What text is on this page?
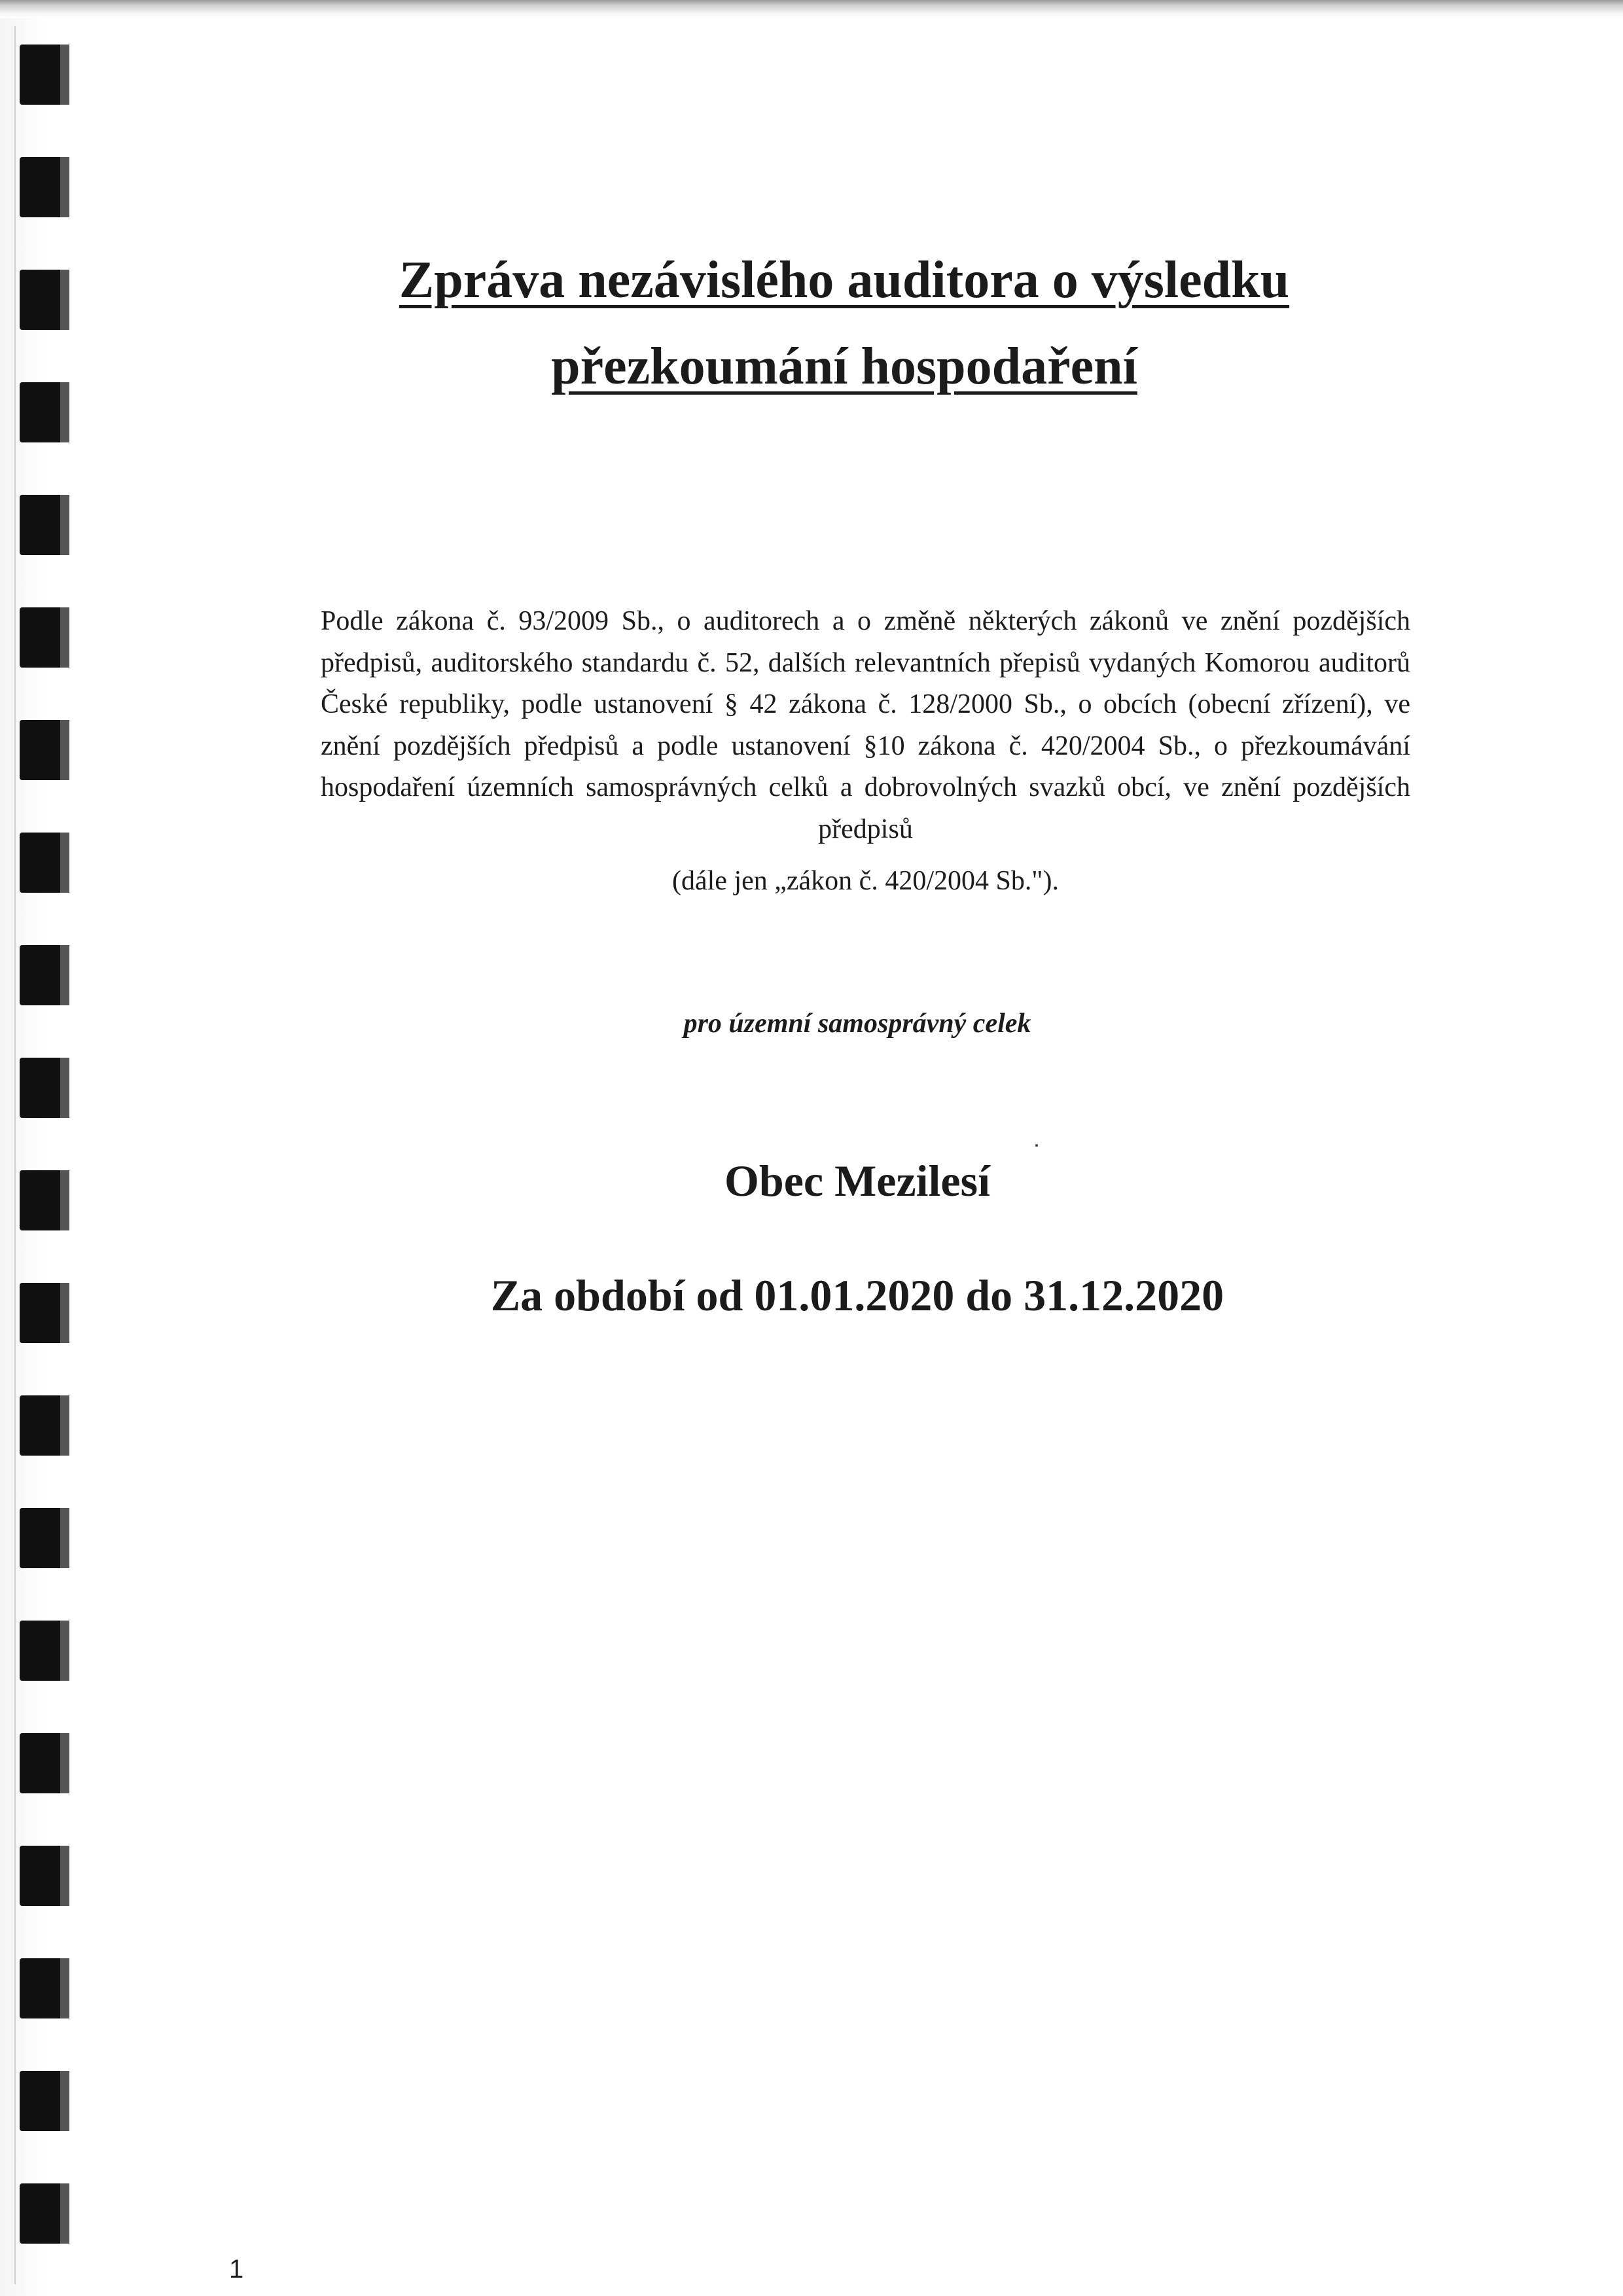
Zpráva nezávislého auditora o výsledku
přezkoumání hospodaření
Podle zákona č. 93/2009 Sb., o auditorech a o změně některých zákonů ve znění pozdějších předpisů, auditorského standardu č. 52, dalších relevantních přepisů vydaných Komorou auditorů České republiky, podle ustanovení § 42 zákona č. 128/2000 Sb., o obcích (obecní zřízení), ve znění pozdějších předpisů a podle ustanovení §10 zákona č. 420/2004 Sb., o přezkoumávání hospodaření územních samosprávných celků a dobrovolných svazků obcí, ve znění pozdějších předpisů
(dále jen „zákon č. 420/2004 Sb.").
pro územní samosprávný celek
Obec Mezilesí
Za období od 01.01.2020 do 31.12.2020
1
